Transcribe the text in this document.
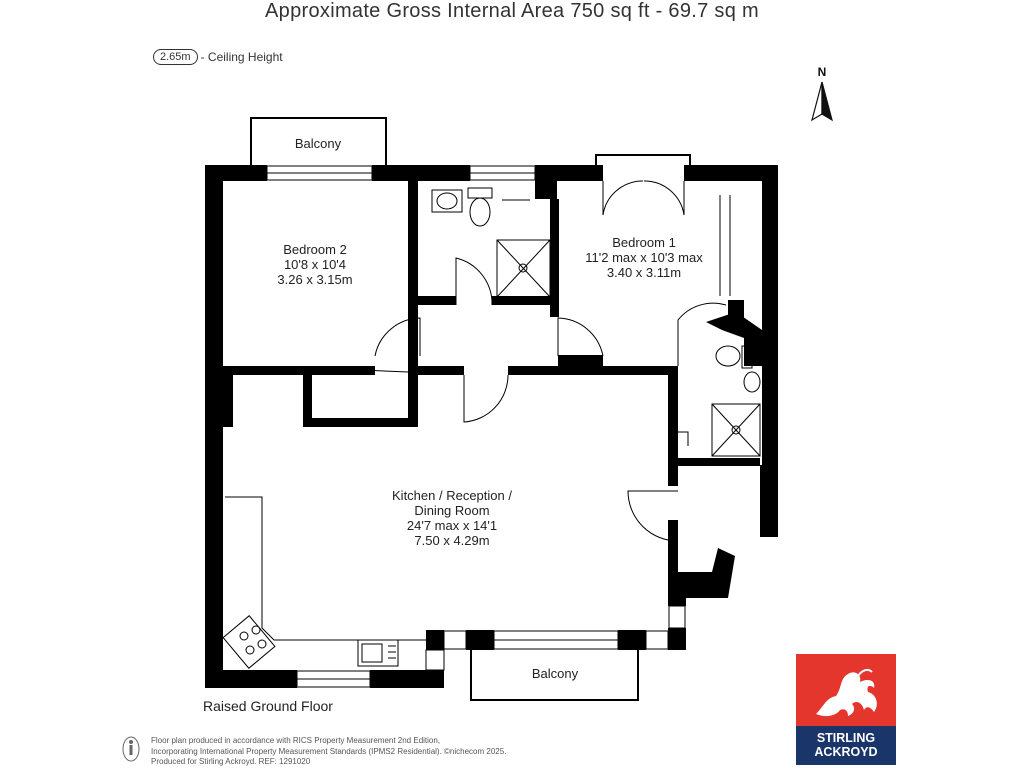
Approximate Gross Internal Area 750 sq ft - 69.7 sq m
2.65m - Ceiling Height
N
Balcony
Balcony
Bedroom 2
10'8 x 10'4
3.26 x 3.15m
Bedroom 1
11'2 max x 10'3 max
3.40 x 3.11m
Kitchen / Reception /
Dining Room
24'7 max x 14'1
7.50 x 4.29m
Raised Ground Floor
Floor plan produced in accordance with RICS Property Measurement 2nd Edition,
Incorporating International Property Measurement Standards (IPMS2 Residential). ©nichecom 2025.
Produced for Stirling Ackroyd. REF: 1291020
STIRLING
ACKROYD
